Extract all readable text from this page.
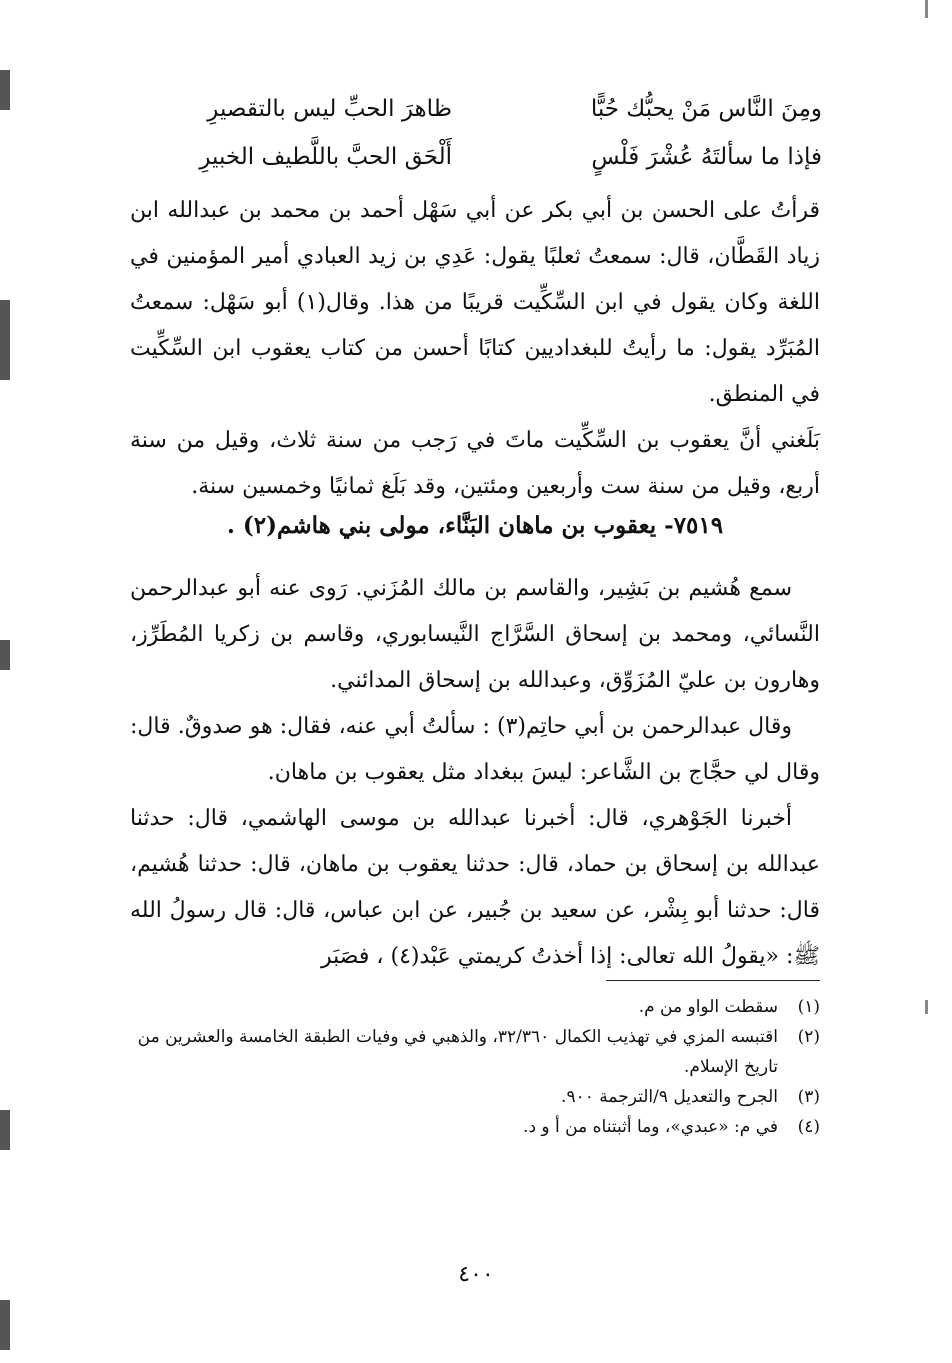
ومِنَ النَّاس مَنْ يحبُّك حُبًّا
ظاهرَ الحبِّ ليس بالتقصيرِ
فإذا ما سألتَهُ عُشْرَ فَلْسٍ
أَلْحَق الحبَّ باللَّطيف الخبيرِ

قرأتُ على الحسن بن أبي بكر عن أبي سَهْل أحمد بن محمد بن عبدالله ابن زياد القَطَّان، قال: سمعتُ ثعلبًا يقول: عَدِي بن زيد العبادي أمير المؤمنين في اللغة وكان يقول في ابن السِّكِّيت قريبًا من هذا. وقال(١) أبو سَهْل: سمعتُ المُبَرِّد يقول: ما رأيتُ للبغداديين كتابًا أحسن من كتاب يعقوب ابن السِّكِّيت في المنطق.

بَلَغني أنَّ يعقوب بن السِّكِّيت ماتَ في رَجب من سنة ثلاث، وقيل من سنة أربع، وقيل من سنة ست وأربعين ومئتين، وقد بَلَغ ثمانيًا وخمسين سنة.

٧٥١٩- يعقوب بن ماهان البَنَّاء، مولى بني هاشم(٢) .

سمع هُشيم بن بَشِير، والقاسم بن مالك المُزَني. رَوى عنه أبو عبدالرحمن النَّسائي، ومحمد بن إسحاق السَّرَّاج النَّيسابوري، وقاسم بن زكريا المُطَرِّز، وهارون بن عليّ المُزَوِّق، وعبدالله بن إسحاق المدائني.

وقال عبدالرحمن بن أبي حاتِم(٣) : سألتُ أبي عنه، فقال: هو صدوقٌ. قال: وقال لي حجَّاج بن الشَّاعر: ليسَ ببغداد مثل يعقوب بن ماهان.

أخبرنا الجَوْهري، قال: أخبرنا عبدالله بن موسى الهاشمي، قال: حدثنا عبدالله بن إسحاق بن حماد، قال: حدثنا يعقوب بن ماهان، قال: حدثنا هُشيم، قال: حدثنا أبو بِشْر، عن سعيد بن جُبير، عن ابن عباس، قال: قال رسولُ الله ﷺ: «يقولُ الله تعالى: إذا أخذتُ كريمتي عَبْد(٤) ، فصَبَر

(١)
سقطت الواو من م.
(٢)
اقتبسه المزي في تهذيب الكمال ٣٢/٣٦٠، والذهبي في وفيات الطبقة الخامسة والعشرين من تاريخ الإسلام.
(٣)
الجرح والتعديل ٩/الترجمة ٩٠٠.
(٤)
في م: «عبدي»، وما أثبتناه من أ و د.
٤٠٠
